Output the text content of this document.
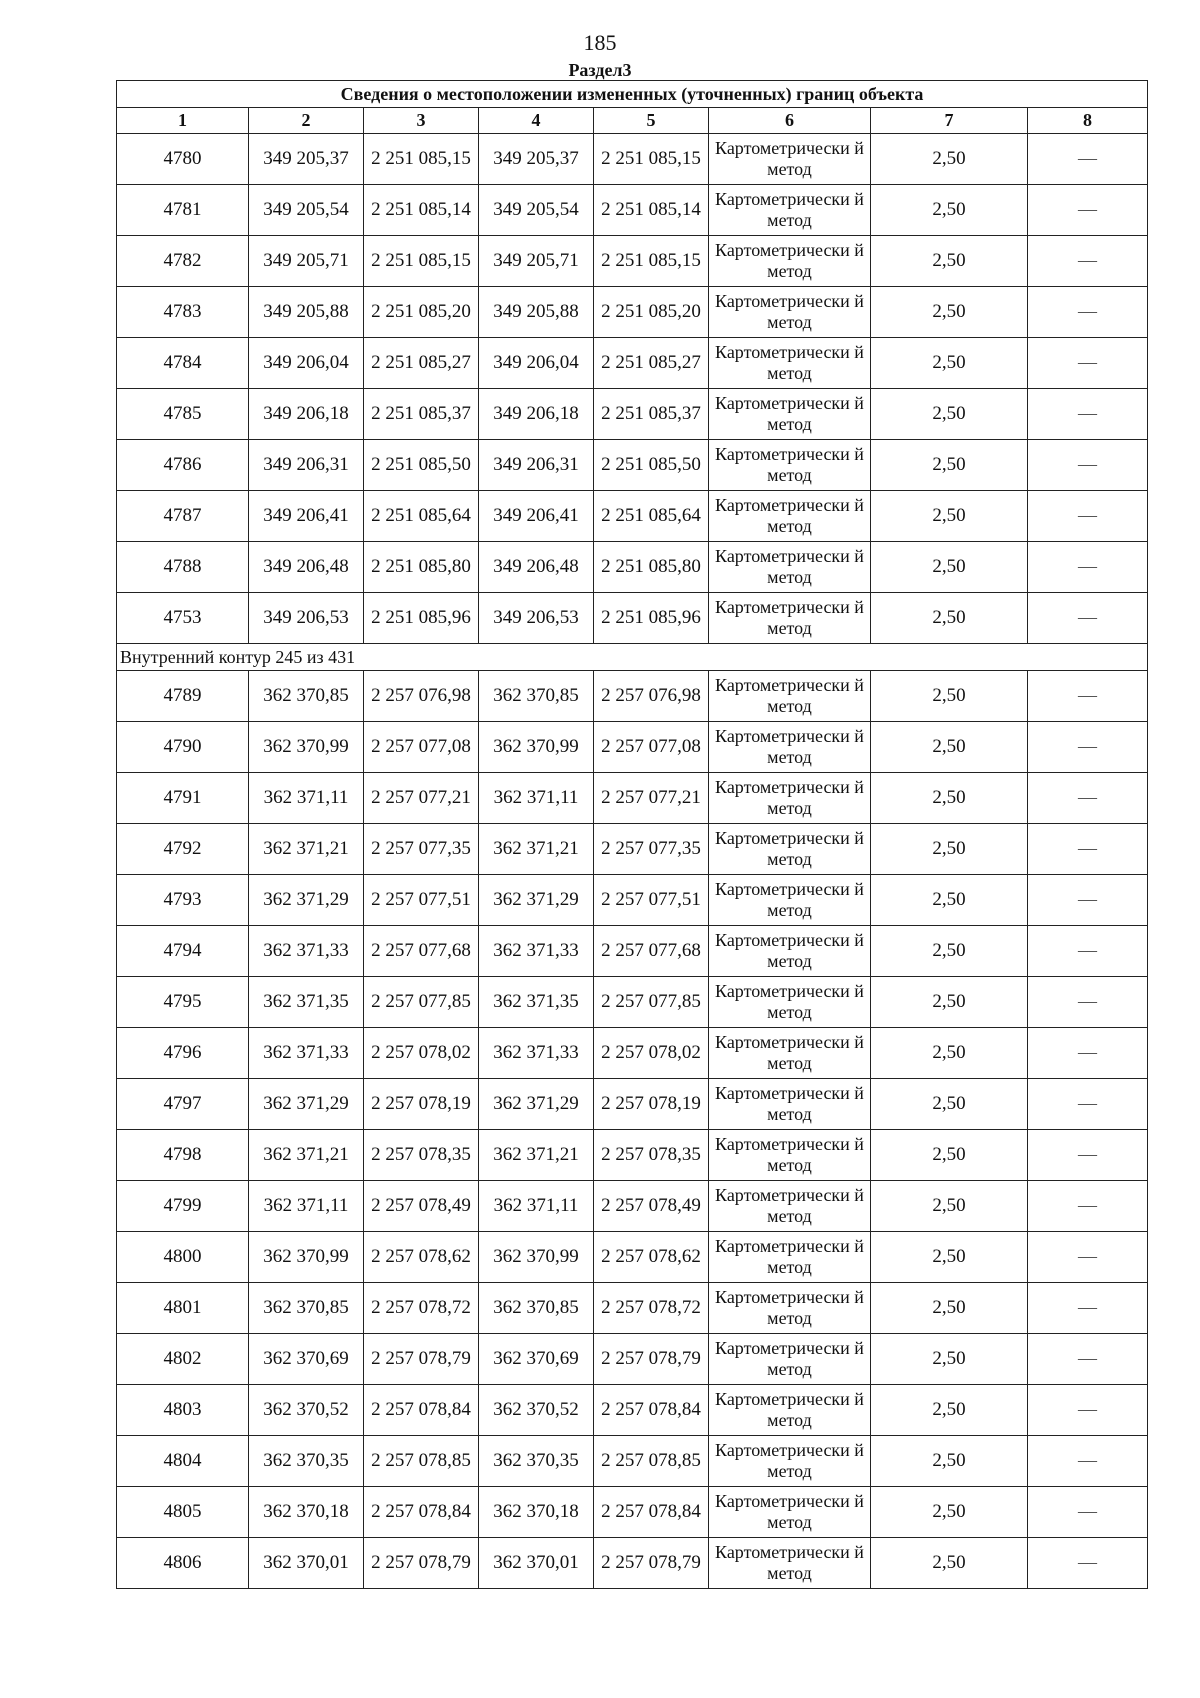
185
Раздел3
Сведения о местоположении измененных (уточненных) границ объекта							
1	2	3	4	5	6	7	8
4780	349 205,37	2 251 085,15	349 205,37	2 251 085,15	Картометрически й метод	2,50	—
4781	349 205,54	2 251 085,14	349 205,54	2 251 085,14	Картометрически й метод	2,50	—
4782	349 205,71	2 251 085,15	349 205,71	2 251 085,15	Картометрически й метод	2,50	—
4783	349 205,88	2 251 085,20	349 205,88	2 251 085,20	Картометрически й метод	2,50	—
4784	349 206,04	2 251 085,27	349 206,04	2 251 085,27	Картометрически й метод	2,50	—
4785	349 206,18	2 251 085,37	349 206,18	2 251 085,37	Картометрически й метод	2,50	—
4786	349 206,31	2 251 085,50	349 206,31	2 251 085,50	Картометрически й метод	2,50	—
4787	349 206,41	2 251 085,64	349 206,41	2 251 085,64	Картометрически й метод	2,50	—
4788	349 206,48	2 251 085,80	349 206,48	2 251 085,80	Картометрически й метод	2,50	—
4753	349 206,53	2 251 085,96	349 206,53	2 251 085,96	Картометрически й метод	2,50	—
Внутренний контур 245 из 431							
4789	362 370,85	2 257 076,98	362 370,85	2 257 076,98	Картометрически й метод	2,50	—
4790	362 370,99	2 257 077,08	362 370,99	2 257 077,08	Картометрически й метод	2,50	—
4791	362 371,11	2 257 077,21	362 371,11	2 257 077,21	Картометрически й метод	2,50	—
4792	362 371,21	2 257 077,35	362 371,21	2 257 077,35	Картометрически й метод	2,50	—
4793	362 371,29	2 257 077,51	362 371,29	2 257 077,51	Картометрически й метод	2,50	—
4794	362 371,33	2 257 077,68	362 371,33	2 257 077,68	Картометрически й метод	2,50	—
4795	362 371,35	2 257 077,85	362 371,35	2 257 077,85	Картометрически й метод	2,50	—
4796	362 371,33	2 257 078,02	362 371,33	2 257 078,02	Картометрически й метод	2,50	—
4797	362 371,29	2 257 078,19	362 371,29	2 257 078,19	Картометрически й метод	2,50	—
4798	362 371,21	2 257 078,35	362 371,21	2 257 078,35	Картометрически й метод	2,50	—
4799	362 371,11	2 257 078,49	362 371,11	2 257 078,49	Картометрически й метод	2,50	—
4800	362 370,99	2 257 078,62	362 370,99	2 257 078,62	Картометрически й метод	2,50	—
4801	362 370,85	2 257 078,72	362 370,85	2 257 078,72	Картометрически й метод	2,50	—
4802	362 370,69	2 257 078,79	362 370,69	2 257 078,79	Картометрически й метод	2,50	—
4803	362 370,52	2 257 078,84	362 370,52	2 257 078,84	Картометрически й метод	2,50	—
4804	362 370,35	2 257 078,85	362 370,35	2 257 078,85	Картометрически й метод	2,50	—
4805	362 370,18	2 257 078,84	362 370,18	2 257 078,84	Картометрически й метод	2,50	—
4806	362 370,01	2 257 078,79	362 370,01	2 257 078,79	Картометрически й метод	2,50	—
